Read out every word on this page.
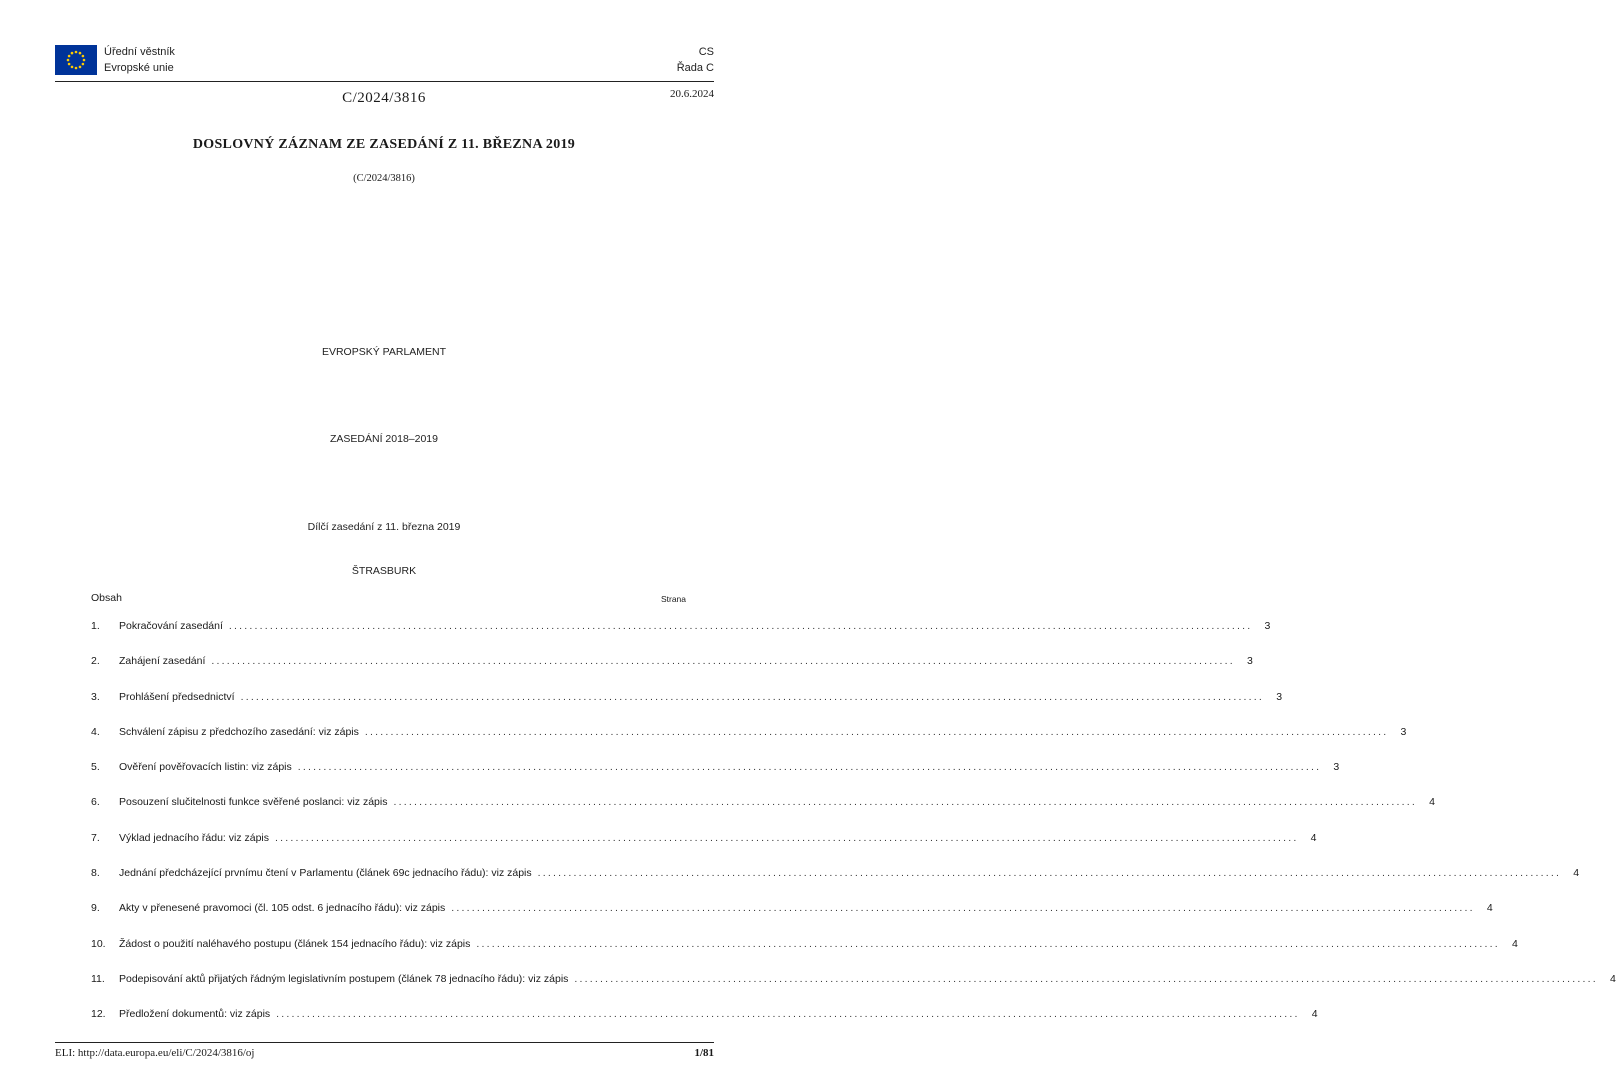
Úřední věstník
Evropské unie
CS
Řada C
C/2024/3816	20.6.2024
DOSLOVNÝ ZÁZNAM ZE ZASEDÁNÍ Z 11. BŘEZNA 2019
(C/2024/3816)
EVROPSKÝ PARLAMENT
ZASEDÁNÍ 2018–2019
Dílčí zasedání z 11. března 2019
ŠTRASBURK
Obsah	Strana
1.	Pokračování zasedání ........................................................................................................................................................................................................	3
2.	Zahájení zasedání ........................................................................................................................................................................................................	3
3.	Prohlášení předsednictví ........................................................................................................................................................................................................	3
4.	Schválení zápisu z předchozího zasedání: viz zápis ........................................................................................................................................................................................................	3
5.	Ověření pověřovacích listin: viz zápis ........................................................................................................................................................................................................	3
6.	Posouzení slučitelnosti funkce svěřené poslanci: viz zápis ........................................................................................................................................................................................................	4
7.	Výklad jednacího řádu: viz zápis ........................................................................................................................................................................................................	4
8.	Jednání předcházející prvnímu čtení v Parlamentu (článek 69c jednacího řádu): viz zápis ........................................................................................................................................................................................................	4
9.	Akty v přenesené pravomoci (čl. 105 odst. 6 jednacího řádu): viz zápis ........................................................................................................................................................................................................	4
10.	Žádost o použití naléhavého postupu (článek 154 jednacího řádu): viz zápis ........................................................................................................................................................................................................	4
11.	Podepisování aktů přijatých řádným legislativním postupem (článek 78 jednacího řádu): viz zápis ........................................................................................................................................................................................................	4
12.	Předložení dokumentů: viz zápis ........................................................................................................................................................................................................	4
ELI: http://data.europa.eu/eli/C/2024/3816/oj	1/81
